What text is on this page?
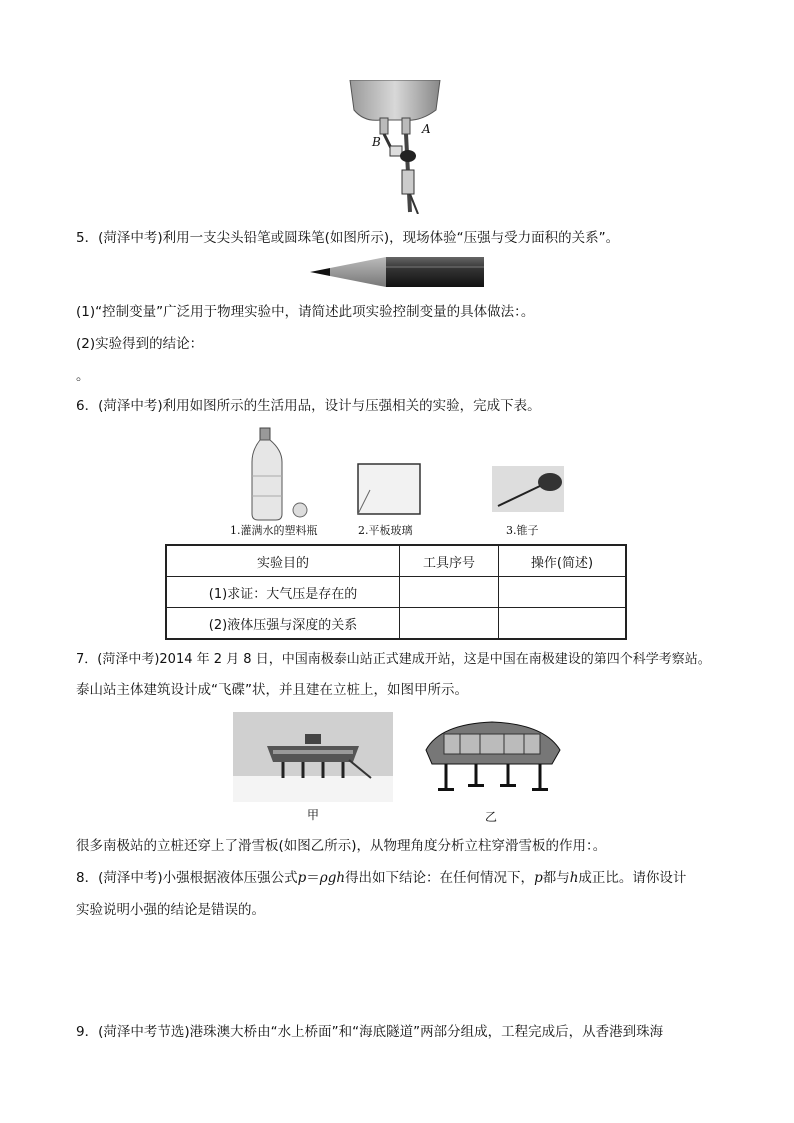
A
B
5．(菏泽中考)利用一支尖头铅笔或圆珠笔(如图所示)，现场体验“压强与受力面积的关系”。
(1)“控制变量”广泛用于物理实验中，请简述此项实验控制变量的具体做法：。
(2)实验得到的结论：
。
6．(菏泽中考)利用如图所示的生活用品，设计与压强相关的实验，完成下表。
1.灌满水的塑料瓶	2.平板玻璃	3.锥子
实验目的	工具序号	操作(简述)
(1)求证：大气压是存在的		
(2)液体压强与深度的关系		
7．(菏泽中考)2014 年 2 月 8 日，中国南极泰山站正式建成开站，这是中国在南极建设的第四个科学考察站。
泰山站主体建筑设计成“飞碟”状，并且建在立桩上，如图甲所示。
甲	乙
很多南极站的立桩还穿上了滑雪板(如图乙所示)，从物理角度分析立柱穿滑雪板的作用：。
8．(菏泽中考)小强根据液体压强公式p＝ρgh得出如下结论：在任何情况下，p都与h成正比。请你设计
实验说明小强的结论是错误的。
9．(菏泽中考节选)港珠澳大桥由“水上桥面”和“海底隧道”两部分组成，工程完成后，从香港到珠海
